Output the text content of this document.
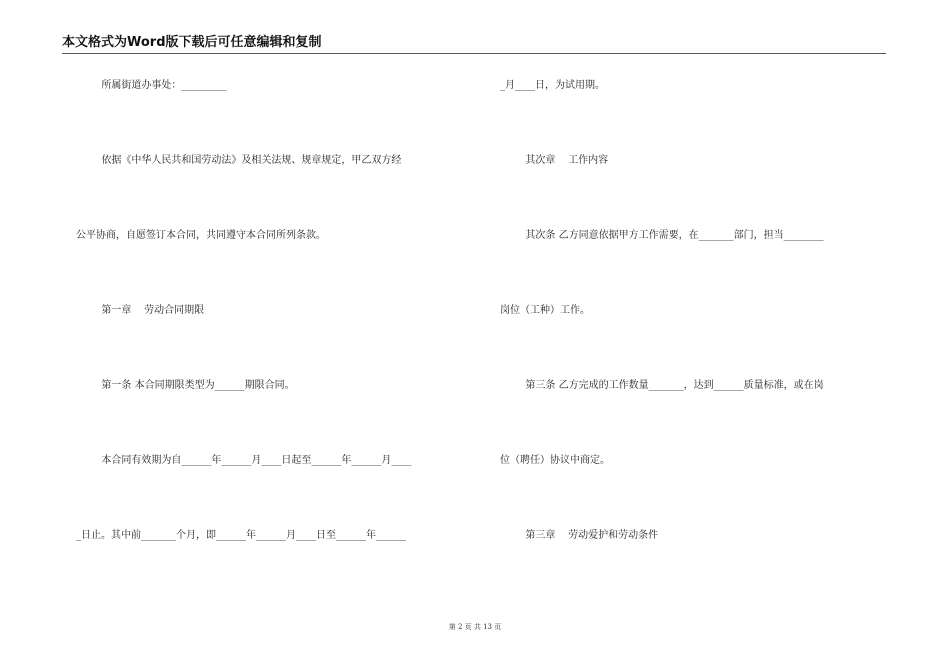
本文格式为Word版下载后可任意编辑和复制
所属街道办事处：_________
依据《中华人民共和国劳动法》及相关法规、规章规定，甲乙双方经
公平协商，自愿签订本合同，共同遵守本合同所列条款。
第一章    劳动合同期限
第一条 本合同期限类型为______期限合同。
本合同有效期为自______年______月____日起至______年______月____
_日止。其中前_______个月，即______年______月____日至______年______
_月____日，为试用期。
其次章    工作内容
其次条 乙方同意依据甲方工作需要，在_______部门，担当________
岗位（工种）工作。
第三条 乙方完成的工作数量_______，达到______质量标准，或在岗
位（聘任）协议中商定。
第三章    劳动爱护和劳动条件
第 2 页 共 13 页
